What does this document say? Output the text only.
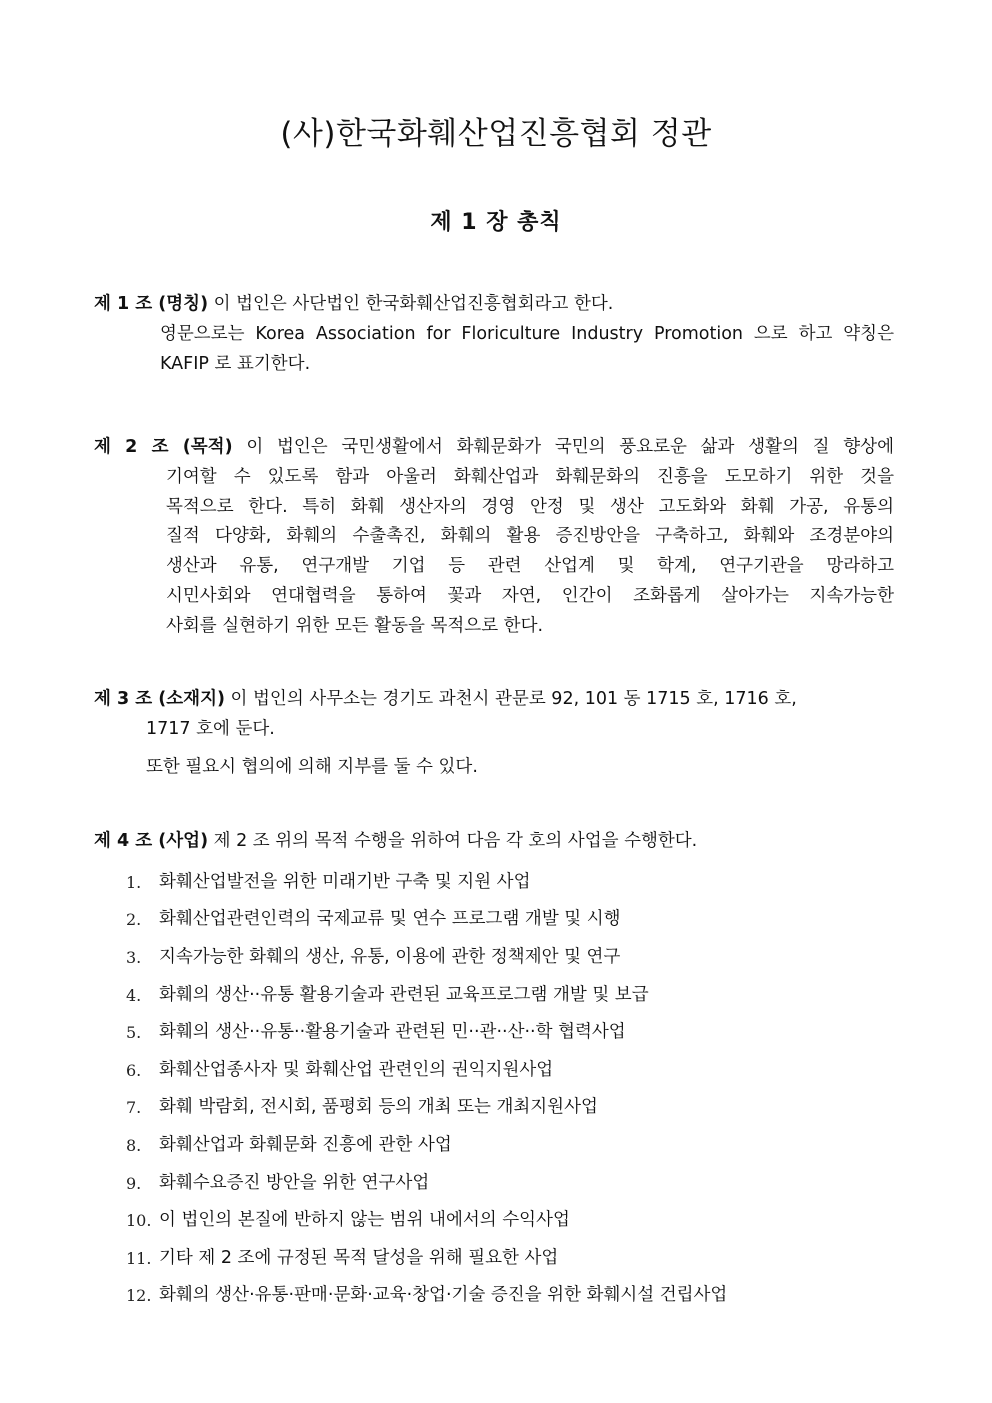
(사)한국화훼산업진흥협회 정관
제 1 장 총칙
제 1 조 (명칭) 이 법인은 사단법인 한국화훼산업진흥협회라고 한다.
영문으로는 Korea Association for Floriculture Industry Promotion 으로 하고 약칭은
KAFIP 로 표기한다.
제 2 조 (목적) 이 법인은 국민생활에서 화훼문화가 국민의 풍요로운 삶과 생활의 질 향상에
기여할 수 있도록 함과 아울러 화훼산업과 화훼문화의 진흥을 도모하기 위한 것을
목적으로 한다. 특히 화훼 생산자의 경영 안정 및 생산 고도화와 화훼 가공, 유통의
질적 다양화, 화훼의 수출촉진, 화훼의 활용 증진방안을 구축하고, 화훼와 조경분야의
생산과 유통, 연구개발 기업 등 관련 산업계 및 학계, 연구기관을 망라하고
시민사회와 연대협력을 통하여 꽃과 자연, 인간이 조화롭게 살아가는 지속가능한
사회를 실현하기 위한 모든 활동을 목적으로 한다.
제 3 조 (소재지) 이 법인의 사무소는 경기도 과천시 관문로 92, 101 동 1715 호, 1716 호,
1717 호에 둔다.
또한 필요시 협의에 의해 지부를 둘 수 있다.
제 4 조 (사업) 제 2 조 위의 목적 수행을 위하여 다음 각 호의 사업을 수행한다.
1. 화훼산업발전을 위한 미래기반 구축 및 지원 사업
2. 화훼산업관련인력의 국제교류 및 연수 프로그램 개발 및 시행
3. 지속가능한 화훼의 생산, 유통, 이용에 관한 정책제안 및 연구
4. 화훼의 생산··유통 활용기술과 관련된 교육프로그램 개발 및 보급
5. 화훼의 생산··유통··활용기술과 관련된 민··관··산··학 협력사업
6. 화훼산업종사자 및 화훼산업 관련인의 권익지원사업
7. 화훼 박람회, 전시회, 품평회 등의 개최 또는 개최지원사업
8. 화훼산업과 화훼문화 진흥에 관한 사업
9. 화훼수요증진 방안을 위한 연구사업
10. 이 법인의 본질에 반하지 않는 범위 내에서의 수익사업
11. 기타 제 2 조에 규정된 목적 달성을 위해 필요한 사업
12. 화훼의 생산·유통·판매·문화·교육·창업·기술 증진을 위한 화훼시설 건립사업
